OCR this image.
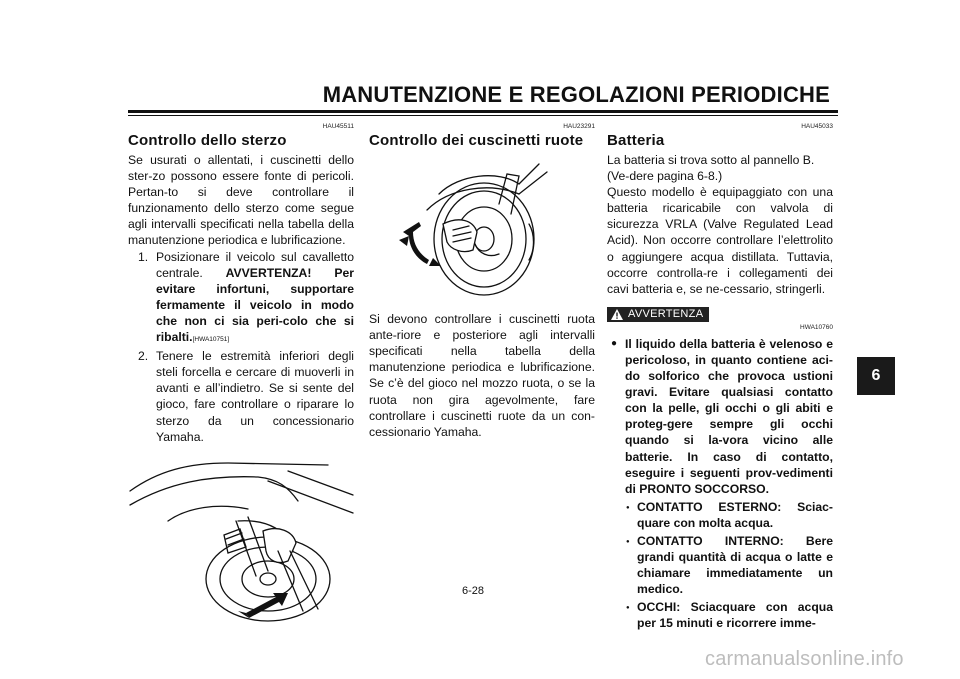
MANUTENZIONE E REGOLAZIONI PERIODICHE
6
HAU45511
Controllo dello sterzo

Se usurati o allentati, i cuscinetti dello ster-zo possono essere fonte di pericoli. Pertan-to si deve controllare il funzionamento dello sterzo come segue agli intervalli specificati nella tabella della manutenzione periodica e lubrificazione.

1. Posizionare il veicolo sul cavalletto centrale. AVVERTENZA! Per evitare infortuni, supportare fermamente il veicolo in modo che non ci sia peri-colo che si ribalti.[HWA10751]
2. Tenere le estremità inferiori degli steli forcella e cercare di muoverli in avanti e all’indietro. Se si sente del gioco, fare controllare o riparare lo sterzo da un concessionario Yamaha.
HAU23291
Controllo dei cuscinetti ruote

Si devono controllare i cuscinetti ruota ante-riore e posteriore agli intervalli specificati nella tabella della manutenzione periodica e lubrificazione. Se c’è del gioco nel mozzo ruota, o se la ruota non gira agevolmente, fare controllare i cuscinetti ruote da un con-cessionario Yamaha.

HAU45033
Batteria

La batteria si trova sotto al pannello B. (Ve-dere pagina 6-8.)

Questo modello è equipaggiato con una batteria ricaricabile con valvola di sicurezza VRLA (Valve Regulated Lead Acid). Non occorre controllare l’elettrolito o aggiungere acqua distillata. Tuttavia, occorre controlla-re i collegamenti dei cavi batteria e, se ne-cessario, stringerli.

AVVERTENZA
HWA10760
● Il liquido della batteria è velenoso e pericoloso, in quanto contiene aci-do solforico che provoca ustioni gravi. Evitare qualsiasi contatto con la pelle, gli occhi o gli abiti e proteg-gere sempre gli occhi quando si la-vora vicino alle batterie. In caso di contatto, eseguire i seguenti prov-vedimenti di PRONTO SOCCORSO.
● CONTATTO ESTERNO: Sciac-quare con molta acqua.
● CONTATTO INTERNO: Bere grandi quantità di acqua o latte e chiamare immediatamente un medico.
● OCCHI: Sciacquare con acqua per 15 minuti e ricorrere imme-
6-28
carmanualsonline.info
